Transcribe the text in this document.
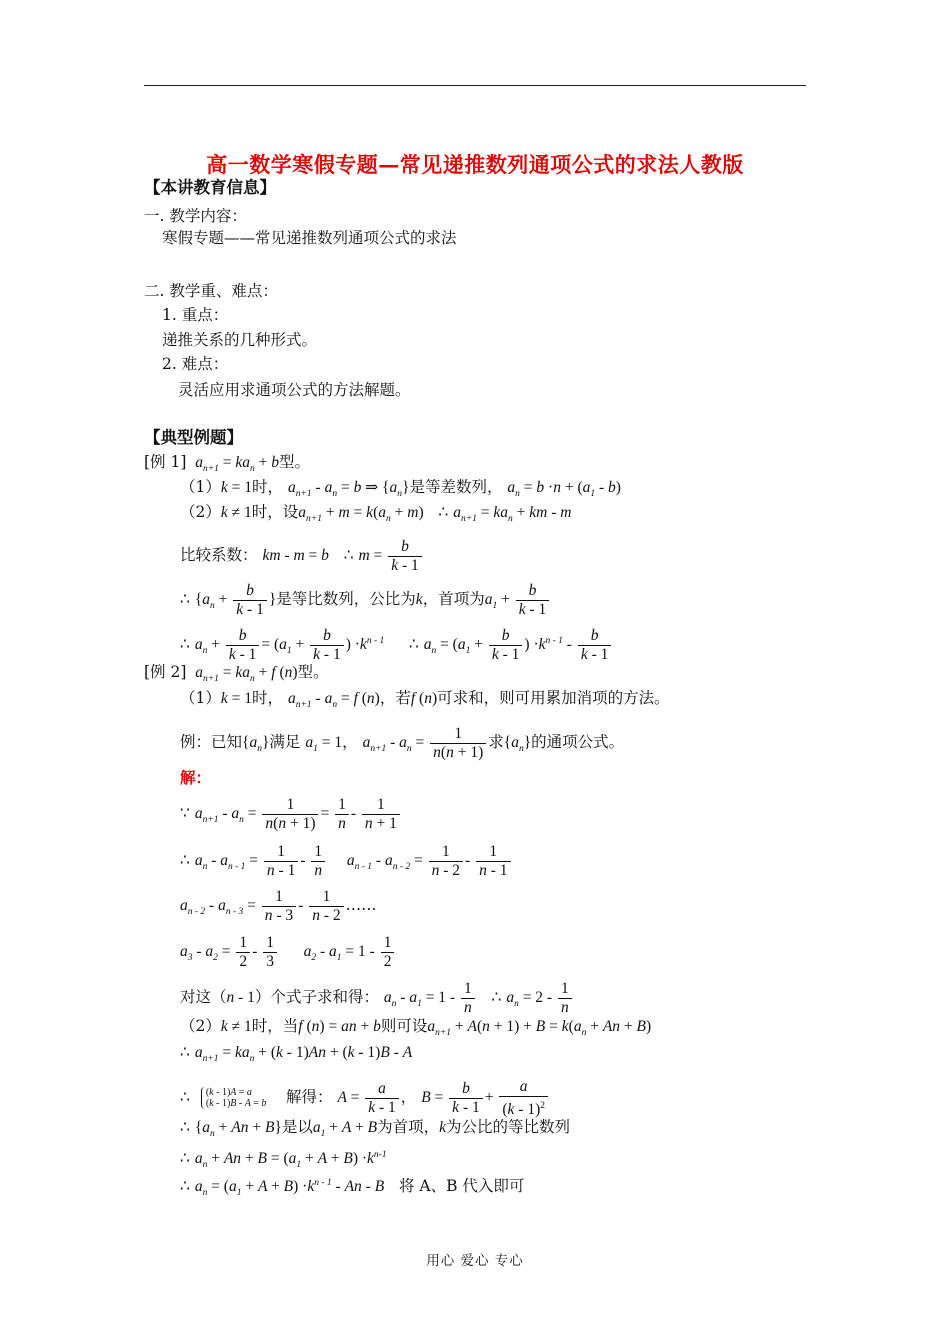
高一数学寒假专题—常见递推数列通项公式的求法人教版
【本讲教育信息】
一. 教学内容：
寒假专题——常见递推数列通项公式的求法
二. 教学重、难点：
1. 重点：
递推关系的几种形式。
2. 难点：
灵活应用求通项公式的方法解题。
【典型例题】
[例 1]  $a_{n+1} = ka_n + b$型。
（1）k = 1时， $a_{n+1} - a_n = b$ ⇒ $\{a_n\}$是等差数列， $a_n = b \cdot n + (a_1 - b)$
（2）k ≠ 1时，设$a_{n+1} + m = k(a_n + m)$ ∴ $a_{n+1} = ka_n$ + km - m
比较系数： km - m = b ∴ $m = \frac{b}{k - 1}$
∴ {$a_n + \frac{b}{k - 1}$ }是等比数列，公比为k，首项为$a_1 + \frac{b}{k - 1}$
∴ $a_n + \frac{b}{k - 1} = (a_1 + \frac{b}{k - 1}$ ) $\cdot k^{n - 1}$ ∴ $a_n = (a_1 + \frac{b}{k - 1}$ ) $\cdot k^{n - 1} - \frac{b}{k - 1}$
[例 2]  $a_{n+1} = ka_n + f$ (n)型。
（1）k = 1时， $a_{n+1} - a_n = f$ (n)，若f (n)可求和，则可用累加消项的方法。
例：已知$\{a_n\}$满足 $a_1 = 1$， $a_{n+1} - a_n = \frac{1}{n(n + 1)}$ 求$\{a_n\}$的通项公式。
解：
∵ $a_{n+1} - a_n = \frac{1}{n(n + 1)} = \frac{1}{n} - \frac{1}{n + 1}$
∴ $a_n - a_{n - 1} = \frac{1}{n - 1} - \frac{1}{n} a_{n - 1} - a_{n - 2} = \frac{1}{n - 2} - \frac{1}{n - 1}$
$a_{n - 2} - a_{n - 3} = \frac{1}{n - 3} - \frac{1}{n - 2}$ ……
$a_3 - a_2 = \frac{1}{2} - \frac{1}{3} a_2 - a_1 = 1 - \frac{1}{2}$
对这（n - 1）个式子求和得： $a_n - a_1 = 1 - \frac{1}{n}$ ∴ $a_n = 2 - \frac{1}{n}$
（2）k ≠ 1时，当f (n) = an + b则可设$a_{n+1} + A(n + 1) + B = k(a_n + An + B)$
∴ $a_{n+1} = ka_n + (k - 1)An + (k - 1)B - A$
∴ (k - 1)A = a
(k - 1)B - A = b 解得： $A = \frac{a}{k - 1}$ ， $B = \frac{b}{k - 1} + \frac{a}{(k - 1)^2}$
∴ $\{a_n + An + B\}$是以$a_1 + A + B$为首项，k为公比的等比数列
∴ $a_n + An + B = (a_1 + A + B) \cdot k^{n-1}$
∴ $a_n = (a_1 + A + B) \cdot k^{n - 1} - An - B$ 将 A、B 代入即可
用心 爱心 专心
